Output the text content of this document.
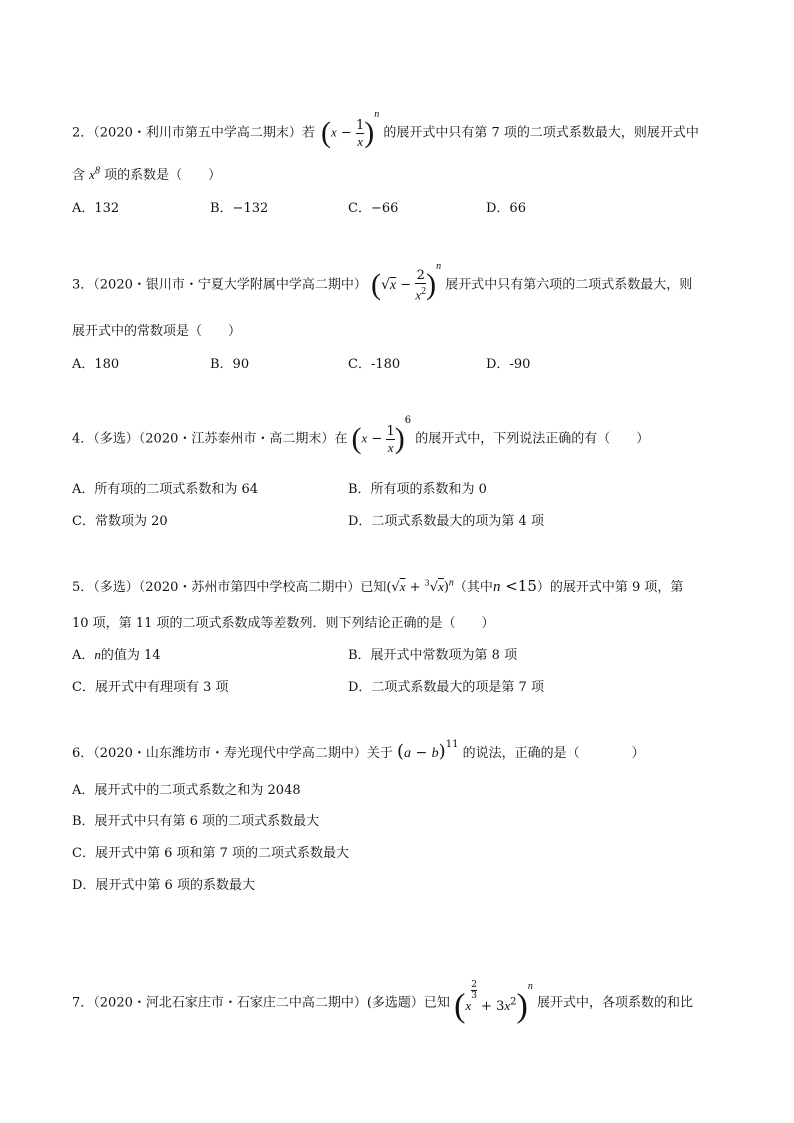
2．（2020・利川市第五中学高二期末）若 $(x - \frac{1}{x} )^n$ 的展开式中只有第 7 项的二项式系数最大，则展开式中
含 $x^8$ 项的系数是（　　）
A．132	B．−132	C．−66	D．66
3．（2020・银川市・宁夏大学附属中学高二期中） $(√x - \frac{2}{x^2} )^n$ 展开式中只有第六项的二项式系数最大，则
展开式中的常数项是（　　）
A．180	B．90	C．-180	D．-90
4．（多选）（2020・江苏泰州市・高二期末）在 $(x - \frac{1}{x} )^6$ 的展开式中，下列说法正确的有（　　）
A．所有项的二项式系数和为 64	B．所有项的系数和为 0
C．常数项为 20	D．二项式系数最大的项为第 4 项
5．（多选）（2020・苏州市第四中学校高二期中）已知$(√x + ^3√x)^n$（其中n <15）的展开式中第 9 项，第
10 项，第 11 项的二项式系数成等差数列．则下列结论正确的是（　　）
A．n的值为 14	B．展开式中常数项为第 8 项
C．展开式中有理项有 3 项	D．二项式系数最大的项是第 7 项
6．（2020・山东潍坊市・寿光现代中学高二期中）关于 $(a - b)^{11}$ 的说法，正确的是（　　　　）
A．展开式中的二项式系数之和为 2048
B．展开式中只有第 6 项的二项式系数最大
C．展开式中第 6 项和第 7 项的二项式系数最大
D．展开式中第 6 项的系数最大
7．（2020・河北石家庄市・石家庄二中高二期中）(多选题）已知 (x
$\frac{2}{3}$
+ $3x^2)^n$ 展开式中，各项系数的和比
